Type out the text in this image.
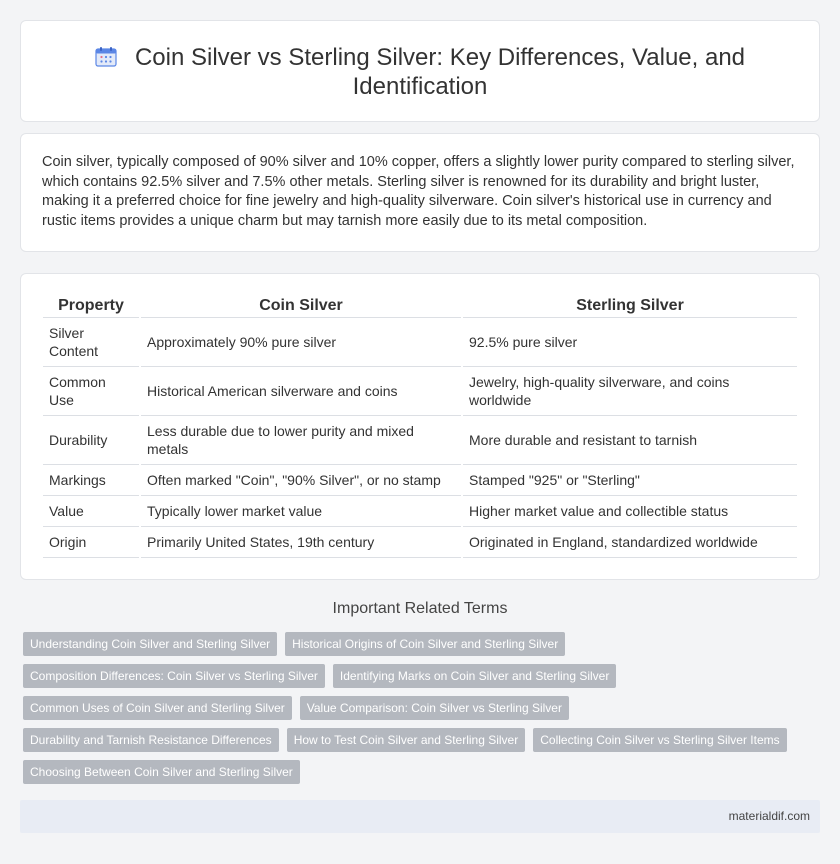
Coin Silver vs Sterling Silver: Key Differences, Value, and
Identification

Coin silver, typically composed of 90% silver and 10% copper, offers a slightly lower purity compared to sterling silver, which contains 92.5% silver and 7.5% other metals. Sterling silver is renowned for its durability and bright luster, making it a preferred choice for fine jewelry and high-quality silverware. Coin silver's historical use in currency and rustic items provides a unique charm but may tarnish more easily due to its metal composition.

Property	Coin Silver	Sterling Silver
Silver Content	Approximately 90% pure silver	92.5% pure silver
Common Use	Historical American silverware and coins	Jewelry, high-quality silverware, and coins worldwide
Durability	Less durable due to lower purity and mixed metals	More durable and resistant to tarnish
Markings	Often marked "Coin", "90% Silver", or no stamp	Stamped "925" or "Sterling"
Value	Typically lower market value	Higher market value and collectible status
Origin	Primarily United States, 19th century	Originated in England, standardized worldwide
Important Related Terms
Understanding Coin Silver and Sterling Silver	Historical Origins of Coin Silver and Sterling Silver
Composition Differences: Coin Silver vs Sterling Silver	Identifying Marks on Coin Silver and Sterling Silver
Common Uses of Coin Silver and Sterling Silver	Value Comparison: Coin Silver vs Sterling Silver
Durability and Tarnish Resistance Differences	How to Test Coin Silver and Sterling Silver	Collecting Coin Silver vs Sterling Silver Items
Choosing Between Coin Silver and Sterling Silver
materialdif.com
